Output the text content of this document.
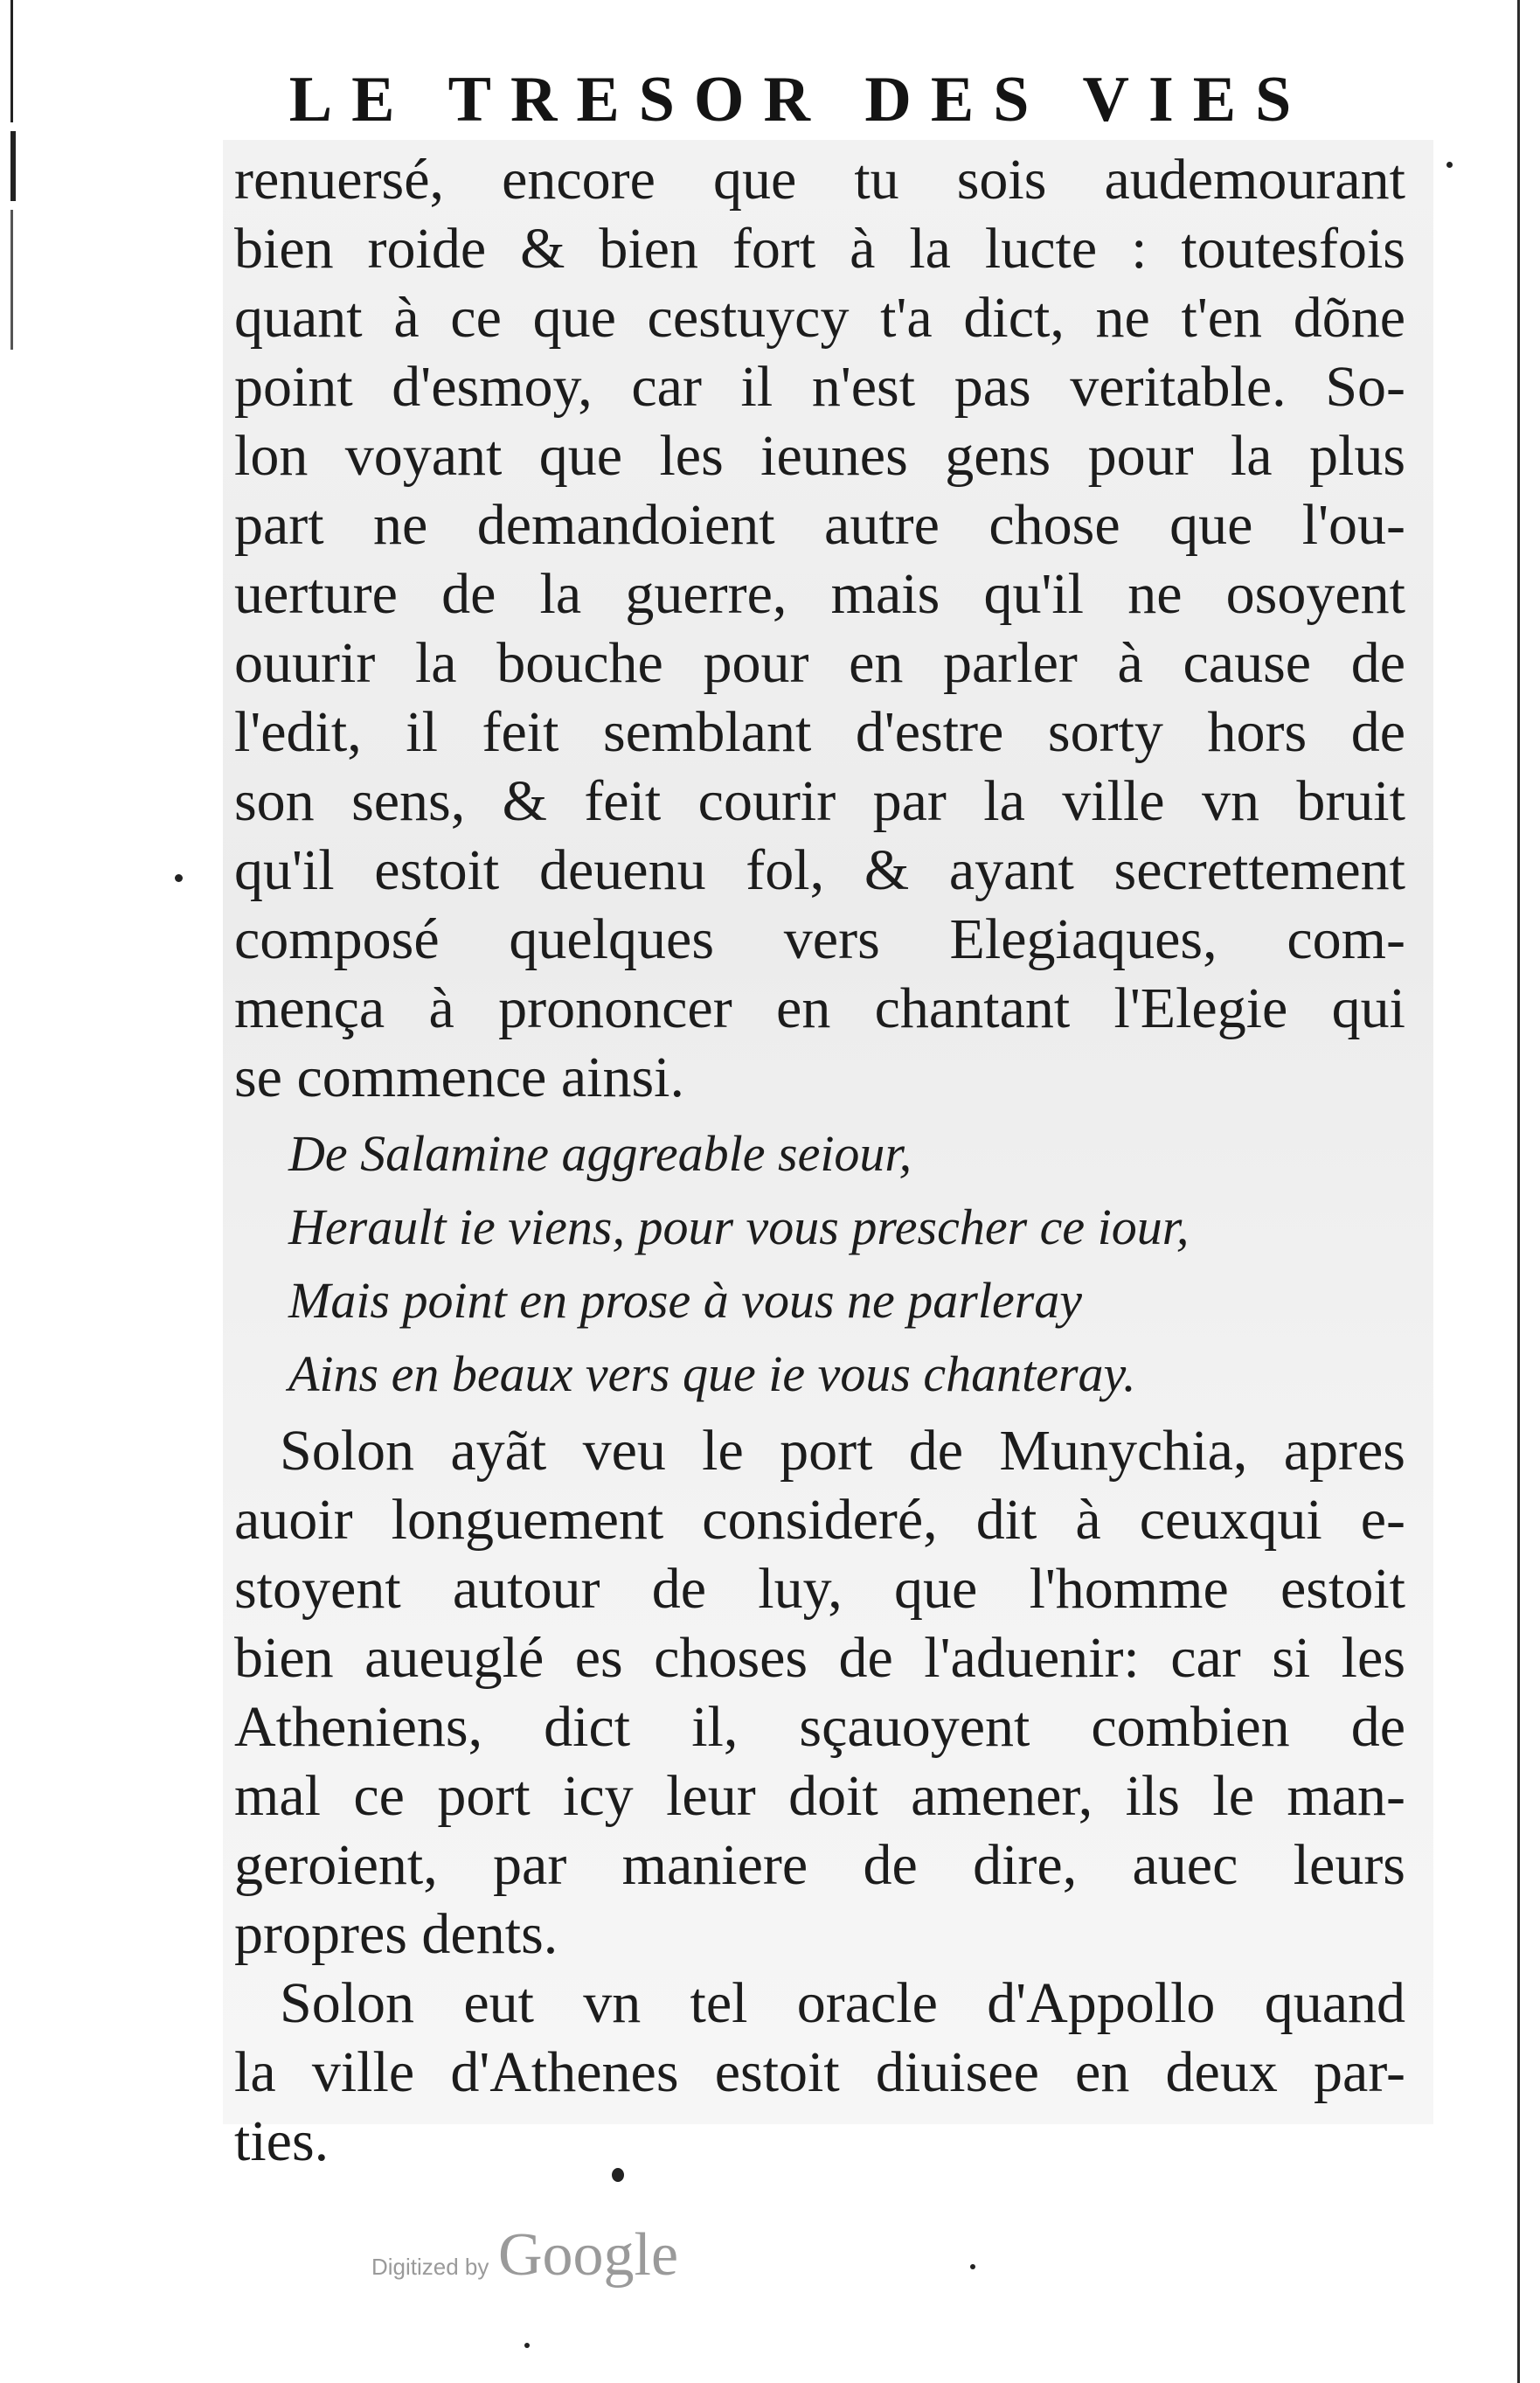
LE TRESOR DES VIES
renuersé, encore que tu sois audemourant
bien roide & bien fort à la lucte : toutesfois
quant à ce que cestuycy t'a dict, ne t'en dõne
point d'esmoy, car il n'est pas veritable. So-
lon voyant que les ieunes gens pour la plus
part ne demandoient autre chose que l'ou-
uerture de la guerre, mais qu'il ne osoyent
ouurir la bouche pour en parler à cause de
l'edit, il feit semblant d'estre sorty hors de
son sens, & feit courir par la ville vn bruit
qu'il estoit deuenu fol, & ayant secrettement
composé quelques vers Elegiaques, com-
mença à prononcer en chantant l'Elegie qui
se commence ainsi.
De Salamine aggreable seiour,
Herault ie viens, pour vous prescher ce iour,
Mais point en prose à vous ne parleray
Ains en beaux vers que ie vous chanteray.
Solon ayãt veu le port de Munychia, apres
auoir longuement consideré, dit à ceuxqui e-
stoyent autour de luy, que l'homme estoit
bien aueuglé es choses de l'aduenir: car si les
Atheniens, dict il, sçauoyent combien de
mal ce port icy leur doit amener, ils le man-
geroient, par maniere de dire, auec leurs
propres dents.
Solon eut vn tel oracle d'Appollo quand
la ville d'Athenes estoit diuisee en deux par-
ties.
Digitized by Google
